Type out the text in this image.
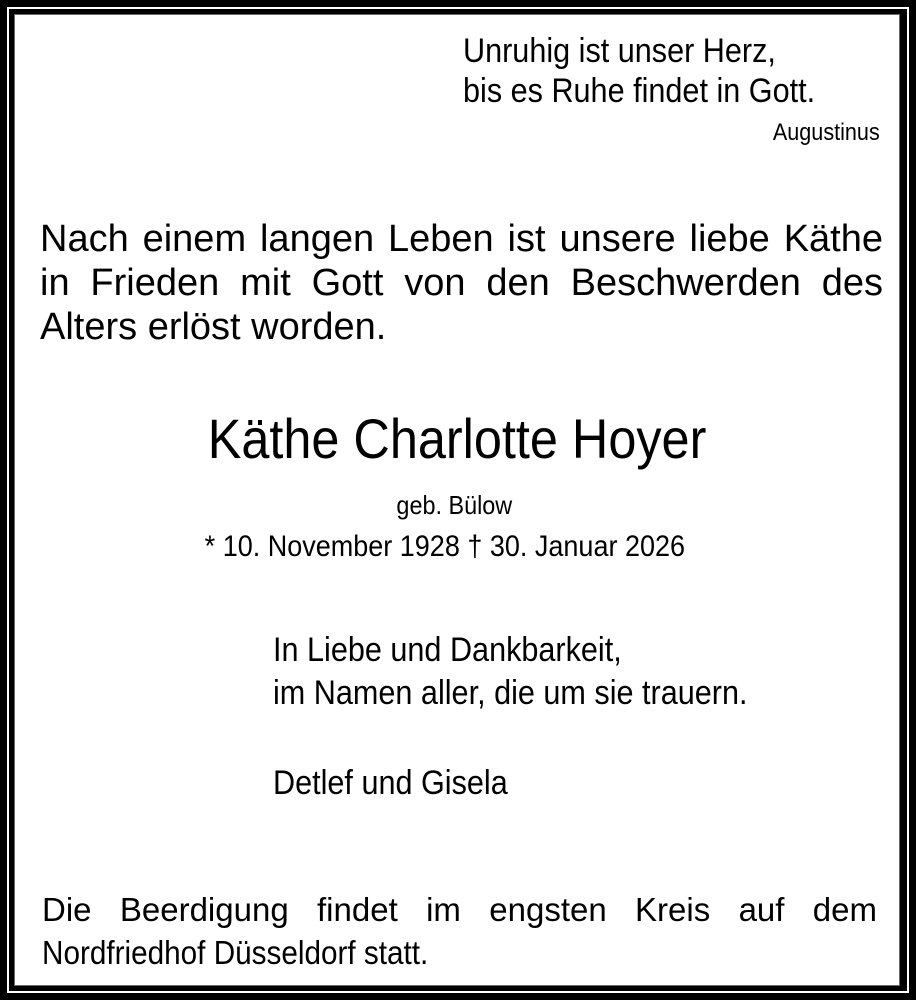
Unruhig ist unser Herz,
bis es Ruhe findet in Gott.
Augustinus
Nach einem langen Leben ist unsere liebe Käthe
in Frieden mit Gott von den Beschwerden des
Alters erlöst worden.
Käthe Charlotte Hoyer
geb. Bülow
* 10. November 1928 † 30. Januar 2026
In Liebe und Dankbarkeit,
im Namen aller, die um sie trauern.
Detlef und Gisela
Die Beerdigung findet im engsten Kreis auf dem
Nordfriedhof Düsseldorf statt.
